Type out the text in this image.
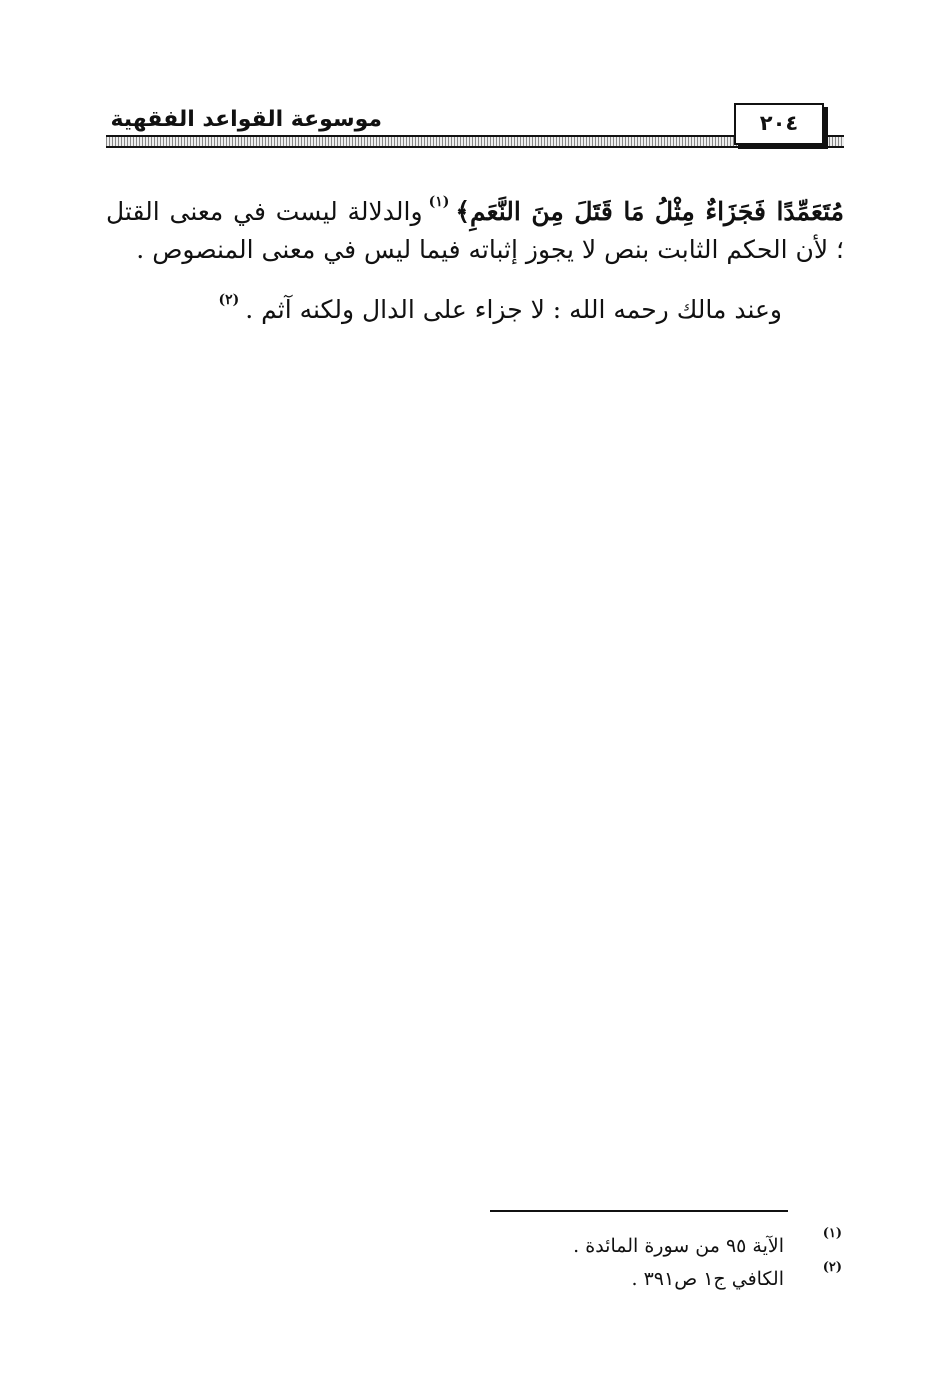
موسوعة القواعد الفقهية	٢٠٤
مُتَعَمِّدًا فَجَزَاءٌ مِثْلُ مَا قَتَلَ مِنَ النَّعَمِ﴾$^{(١)}$والدلالة ليست في معنى القتل
؛ لأن الحكم الثابت بنص لا يجوز إثباته فيما ليس في معنى المنصوص .
وعند مالك رحمه الله : لا جزاء على الدال ولكنه آثم .$^{(٢)}$
(١)
الآية ٩٥ من سورة المائدة .
(٢)
الكافي ج١ ص٣٩١ .
